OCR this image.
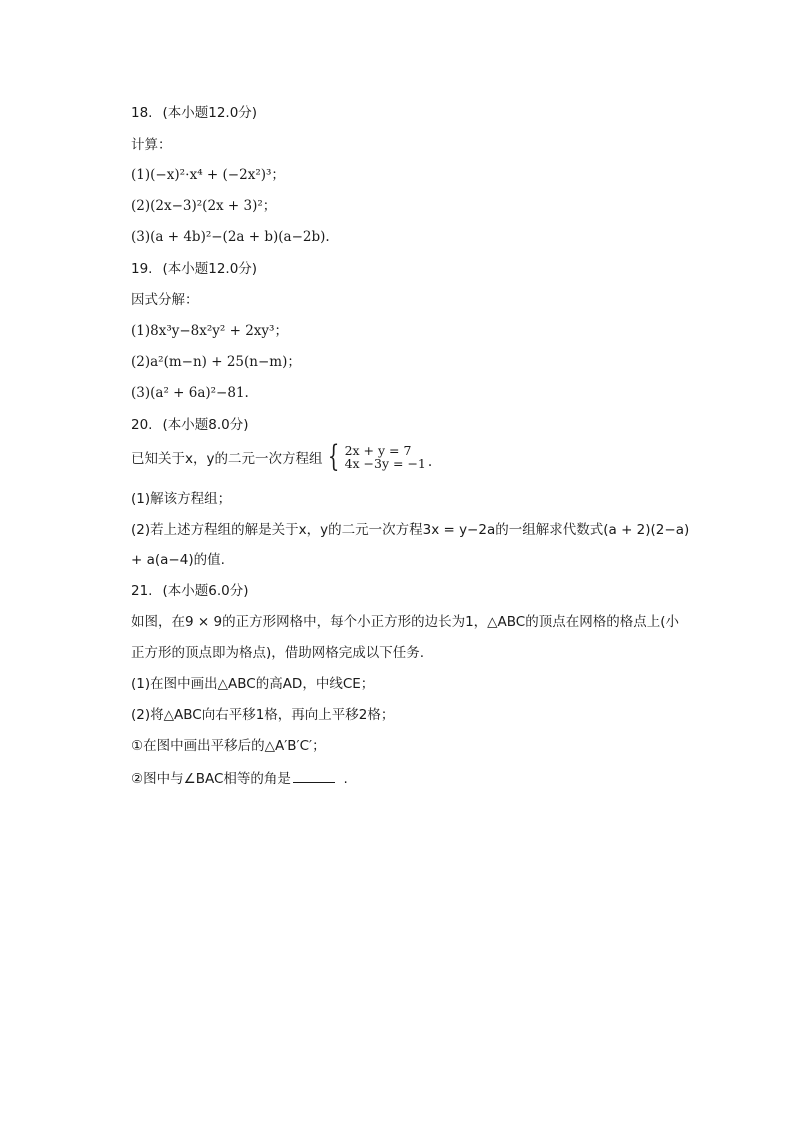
18. (本小题12.0分)
计算：
(1)(−x)²⋅x⁴ + (−2x²)³；
(2)(2x−3)²(2x + 3)²；
(3)(a + 4b)²−(2a + b)(a−2b).
19. (本小题12.0分)
因式分解：
(1)8x³y−8x²y² + 2xy³；
(2)a²(m−n) + 25(n−m)；
(3)(a² + 6a)²−81.
20. (本小题8.0分)
已知关于x，y的二元一次方程组 { 2x + y = 7
4x −3y = −1 .
(1)解该方程组；
(2)若上述方程组的解是关于x，y的二元一次方程3x = y−2a的一组解求代数式(a + 2)(2−a)
+ a(a−4)的值.
21. (本小题6.0分)
如图，在9 × 9的正方形网格中，每个小正方形的边长为1，△ABC的顶点在网格的格点上(小
正方形的顶点即为格点)，借助网格完成以下任务.
(1)在图中画出△ABC的高AD，中线CE；
(2)将△ABC向右平移1格，再向上平移2格；
①在图中画出平移后的△A′B′C′；
②图中与∠BAC相等的角是	.
